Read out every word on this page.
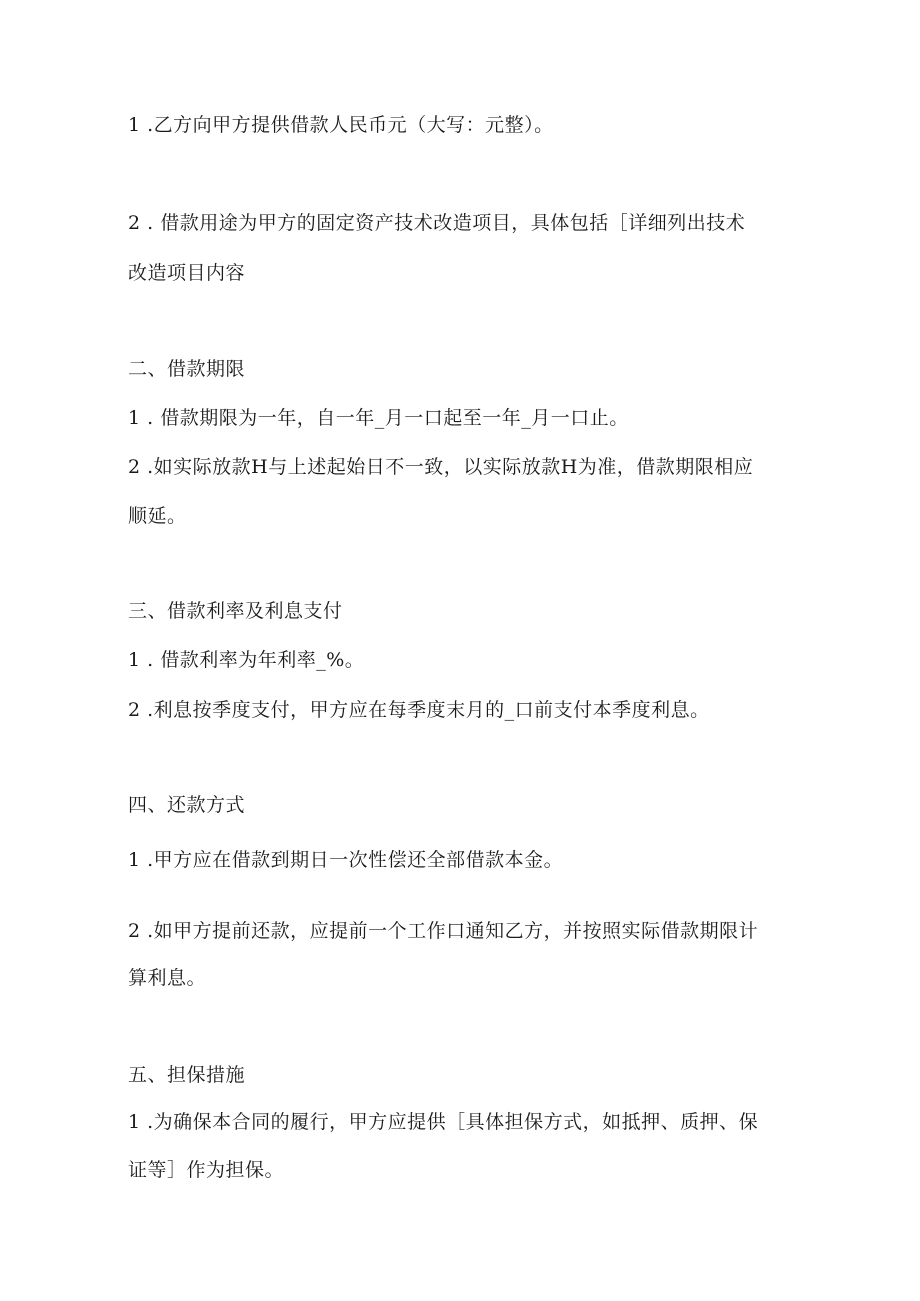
1 .乙方向甲方提供借款人民币元（大写：元整）。
2 . 借款用途为甲方的固定资产技术改造项目，具体包括［详细列出技术
改造项目内容
二、借款期限
1 . 借款期限为一年，自一年_月一口起至一年_月一口止。
2 .如实际放款H与上述起始日不一致，以实际放款H为准，借款期限相应
顺延。
三、借款利率及利息支付
1 . 借款利率为年利率_%。
2 .利息按季度支付，甲方应在每季度末月的_口前支付本季度利息。
四、还款方式
1 .甲方应在借款到期日一次性偿还全部借款本金。
2 .如甲方提前还款，应提前一个工作口通知乙方，并按照实际借款期限计
算利息。
五、担保措施
1 .为确保本合同的履行，甲方应提供［具体担保方式，如抵押、质押、保
证等］作为担保。
